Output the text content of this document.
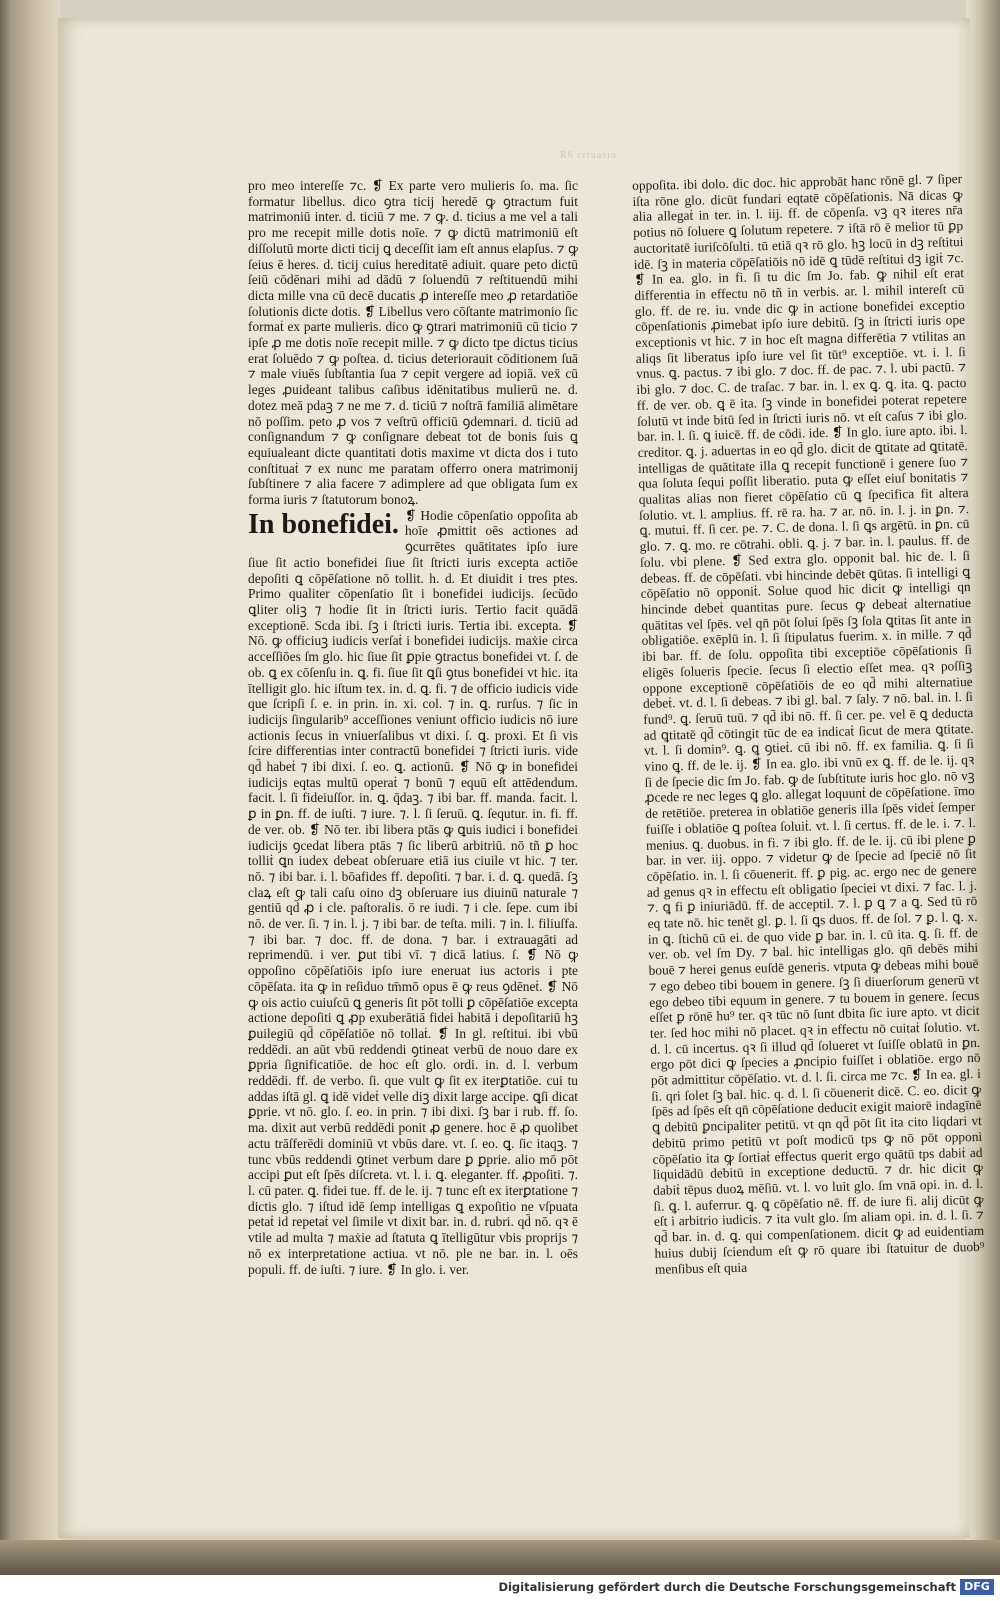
R6 crtuasio

pro meo intereſſe ⁊c. ❡ Ex parte vero mulieris ſo. ma. ſic formatur libellus. dico ꝯtra ticij heredē ꝙ ꝯtractum fuit matrimoniū inter. d. ticiū ⁊ me. ⁊ ꝙ. d. ticius a me vel a tali pro me recepit mille dotis noīe. ⁊ ꝙ dictū matrimoniū eſt diſſolutū morte dicti ticij ꝗ deceſſit iam eſt annus elapſus. ⁊ ꝙ ſeius ē heres. d. ticij cuius hereditatē adiuit. quare peto dictū ſeiū cōdēnari mihi ad dādū ⁊ ſoluendū ⁊ reſtituendū mihi dicta mille vna cū decē ducatis ꝓ intereſſe meo ꝓ retardatiōe ſolutionis dicte dotis. ❡ Libellus vero cōſtante matrimonio ſic formaṫ ex parte mulieris. dico ꝙ ꝯtrari matrimoniū cū ticio ⁊ ipſe ꝓ me dotis noīe recepit mille. ⁊ ꝙ dicto tpe dictus ticius erat ſoluēdo ⁊ ꝙ poſtea. d. ticius deteriorauit cōditionem ſuā ⁊ male viuēs ſubſtantia ſua ⁊ cepit vergere ad iopiā. vex̄ cū leges ꝓuideant talibus caſibus idēnitatibus mulierū ne. d. dotez meā pdaꝫ ⁊ ne me ⁊. d. ticiū ⁊ noſtrā familiā alimētare nō poſſim. peto ꝓ vos ⁊ veſtrū officiū ꝯdemnari. d. ticiū ad conſignandum ⁊ ꝙ conſignare debeat tot de bonis ſuis ꝗ equiualeant dicte quantitati dotis maxime vt dicta dos i tuto conſtituaṫ ⁊ ex nunc me paratam offerro onera matrimonij ſubſtinere ⁊ alia facere ⁊ adimplere ad que obligata ſum ex forma iuris ⁊ ſtatutorum bonoꝝ.

In bonefidei. ❡ Hodie cōpenſatio oppoſita ab hoīe ꝓmittit oēs actiones ad ꝯcurrētes quātitates ipſo iure ſiue ſit actio bonefidei ſiue ſit ſtricti iuris excepta actiōe depoſiti ꝗ cōpēſatione nō tollit. h. d. Et diuidit i tres ptes. Primo qualiter cōpenſatio ſit i bonefidei iudicijs. ſecūdo ꝗliter oliꝫ ⁊ hodie ſit in ſtricti iuris. Tertio facit quādā exceptionē. Scda ibi. ſꝫ i ſtricti iuris. Tertia ibi. excepta. ❡ Nō. ꝙ officiuꝫ iudicis verſaṫ i bonefidei iudicijs. maẋie circa acceſſiōes ſm glo. hic ſiue ſit ꝑpie ꝯtractus bonefidei vt. ſ. de ob. ꝗ ex cōſenſu in. ꝗ. fi. ſiue ſit ꝗſi ꝯtus bonefidei vt hic. ita ītelligit glo. hic iſtum tex. in. d. ꝗ. fi. ⁊ de officio iudicis vide que ſcripſi ſ. e. in prin. in. xi. col. ⁊ in. ꝗ. rurſus. ⁊ ſic in iudicijs ſingularib⁹ acceſſiones veniunt officio iudicis nō iure actionis ſecus in vniuerſalibus vt dixi. ſ. ꝗ. proxi. Et ſi vis ſcire differentias inter contractū bonefidei ⁊ ſtricti iuris. vide qd̄ habeṫ ⁊ ibi dixi. ſ. eo. ꝗ. actionū. ❡ Nō ꝙ in bonefidei iudicijs eqtas multū operaṫ ⁊ bonū ⁊ equū eſt attēdendum. facit. l. ſi fideiuſſor. in. ꝗ. q̄daꝫ. ⁊ ibi bar. ff. manda. facit. l. ꝑ in ꝑn. ff. de iuſti. ⁊ iure. ⁊. l. ſi ſeruū. ꝗ. ſequtur. in. fi. ff. de ver. ob. ❡ Nō ter. ibi libera ptās ꝙ ꝗuis iudici i bonefidei iudicijs ꝯcedat libera ptās ⁊ ſic liberū arbitriū. nō tñ ꝑ hoc tolliṫ ꝗn iudex debeat obſeruare etiā ius ciuile vt hic. ⁊ ter. nō. ⁊ ibi bar. i. l. bōafides ff. depoſiti. ⁊ bar. i. d. ꝗ. quedā. ſꝫ claꝝ eſt ꝙ tali caſu oino dꝫ obſeruare ius diuinū naturale ⁊ gentiū qd̄ ꝓ i cle. paſtoralis. ō re iudi. ⁊ i cle. ſepe. cum ibi nō. de ver. ſi. ⁊ in. l. j. ⁊ ibi bar. de teſta. mili. ⁊ in. l. filiuſfa. ⁊ ibi bar. ⁊ doc. ff. de dona. ⁊ bar. i extrauagāti ad reprimendū. i ver. ꝑut tibi vī. ⁊ dicā latius. ſ. ❡ Nō ꝙ oppoſino cōpēſatiōis ipſo iure eneruat ius actoris i pte cōpēſata. ita ꝙ in reſiduo tm̄mō opus ē ꝙ reus ꝯdēneṫ. ❡ Nō ꝙ ois actio cuiuſcū ꝗ generis ſit pōt tolli ꝑ cōpēſatiōe excepta actione depoſiti ꝗ ꝓp exuberātiā fidei habitā i depoſitariū hꝫ ꝑuilegiū qd̄ cōpēſatiōe nō tollaṫ. ❡ In gl. reſtitui. ibi vbū reddēdi. an aūt vbū reddendi ꝯtineat verbū de nouo dare ex ꝑpria ſignificatiōe. de hoc eſt glo. ordi. in. d. l. verbum reddēdi. ff. de verbo. ſi. que vult ꝙ ſit ex iterꝑtatiōe. cui tu addas iſtā gl. ꝗ idē videṫ velle diꝫ dixit large accipe. ꝗſi dicat ꝑprie. vt nō. glo. ſ. eo. in prin. ⁊ ibi dixi. ſꝫ bar i rub. ff. ſo. ma. dixit aut verbū reddēdi ponit ꝓ genere. hoc ē ꝓ quolibet actu trāſferēdi dominiū vt vbūs dare. vt. ſ. eo. ꝗ. ſic itaqꝫ. ⁊ tunc vbūs reddendi ꝯtinet verbum dare ꝑ ꝑprie. alio mō pōt accipi ꝑut eſt ſpēs diſcreta. vt. l. i. ꝗ. eleganter. ff. ꝓpoſiti. ⁊. l. cū pater. ꝗ. fidei tue. ff. de le. ij. ⁊ tunc eſt ex iterꝑtatione ⁊ dictis glo. ⁊ iſtud idē ſemp intelligas ꝗ expoſitio ne vſpuata petaṫ id repetaṫ vel ſimile vt dixit bar. in. d. rubri. qd̄ nō. qꝛ ē vtile ad multa ⁊ maẋie ad ſtatuta ꝗ ītelligūtur vbis proprijs ⁊ nō ex interpretatione actiua. vt nō. ple ne bar. in. l. oēs populi. ff. de iuſti. ⁊ iure. ❡ In glo. i. ver.

oppoſita. ibi dolo. dic doc. hic approbāt hanc rōnē gl. ⁊ ſiper iſta rōne glo. dicūt fundari eqtatē cōpēſationis. Nā dicas ꝙ alia allegaṫ in ter. in. l. iij. ff. de cōpenſa. vꝫ qꝛ iteres nr̄a potius nō ſoluere ꝗ ſolutum repetere. ⁊ iſtā rō ē melior tū ꝑp auctoritatē iuriſcōſulti. tū etiā qꝛ rō glo. hꝫ locū in dꝫ reſtitui idē. ſꝫ in materia cōpēſatiōis nō idē ꝗ tūdē reſtitui dꝫ igiṫ ⁊c. ❡ In ea. glo. in fi. ſi tu dic ſm Jo. fab. ꝙ nihil eſt erat differentia in effectu nō tñ in verbis. ar. l. mihil intereſt cū glo. ff. de re. iu. vnde dic ꝙ in actione bonefidei exceptio cōpenſationis ꝓimebat ipſo iure debitū. ſꝫ in ſtricti iuris ope exceptionis vt hic. ⁊ in hoc eſt magna differētia ⁊ vtilitas an aliqs ſit liberatus ipſo iure vel ſit tūt⁹ exceptiōe. vt. i. l. ſi vnus. ꝗ. pactus. ⁊ ibi glo. ⁊ doc. ff. de pac. ⁊. l. ubi pactū. ⁊ ibi glo. ⁊ doc. C. de traſac. ⁊ bar. in. l. ex ꝗ. ꝗ. ita. ꝗ. pacto ff. de ver. ob. ꝗ ē ita. ſꝫ vinde in bonefidei poterat repetere ſolutū vt inde bitū ſed in ſtricti iuris nō. vt eſt caſus ⁊ ibi glo. bar. in. l. ſi. ꝗ iuicē. ff. de cōdi. ide. ❡ In glo. iure apto. ibi. l. creditor. ꝗ. j. aduertas in eo qd̄ glo. dicit de ꝗtitate ad ꝗtitatē. intelligas de quātitate illa ꝗ recepit functionē i genere ſuo ⁊ qua ſoluta ſequi poſſit liberatio. puta ꝙ eſſet eiuſ bonitatis ⁊ qualitas alias non fieret cōpēſatio cū ꝗ ſpecifica fit altera ſolutio. vt. l. amplius. ff. rē ra. ha. ⁊ ar. nō. in. l. j. in ꝑn. ⁊. ꝗ. mutui. ff. ſi cer. pe. ⁊. C. de dona. l. ſi ꝗs argētū. in ꝑn. cū glo. ⁊. ꝗ. mo. re cōtrahi. obli. ꝗ. j. ⁊ bar. in. l. paulus. ff. de ſolu. vbi plene. ❡ Sed extra glo. opponit bal. hic de. l. ſi debeas. ff. de cōpēſati. vbi hincinde debēt ꝗūtas. ſi intelligi ꝗ cōpēſatio nō opponiṫ. Solue quod hic dicit ꝙ intelligi qn hincinde debeṫ quantitas pure. ſecus ꝙ debeaṫ alternatiue quātitas vel ſpēs. vel qn̄ pōt ſolui ſpēs ſꝫ ſola ꝗtitas ſit ante in obligatiōe. exēplū in. l. ſi ſtipulatus fuerim. x. in mille. ⁊ qd̄ ibi bar. ff. de ſolu. oppoſita tibi exceptiōe cōpēſationis ſi eligēs ſolueris ſpecie. ſecus ſi electio eſſet mea. qꝛ poſſiꝫ oppone exceptionē cōpēſatiōis de eo qd̄ mihi alternatiue debeṫ. vt. d. l. ſi debeas. ⁊ ibi gl. bal. ⁊ ſaly. ⁊ nō. bal. in. l. ſi fund⁹. ꝗ. ſeruū tuū. ⁊ qd̄ ibi nō. ff. ſi cer. pe. vel ē ꝗ deducta ad ꝗtitatē qd̄ cōtingit tūc de ea indicaṫ ſicut de mera ꝗtitate. vt. l. ſi domin⁹. ꝗ. ꝗ ꝯtieṫ. cū ibi nō. ff. ex familia. ꝗ. ſi ſi vino ꝗ. ff. de le. ij. ❡ In ea. glo. ibi vnū ex ꝗ. ff. de le. ij. qꝛ ſi de ſpecie dic ſm Jo. fab. ꝙ de ſubſtitute iuris hoc glo. nō vꝫ ꝓcede re nec leges ꝗ glo. allegat loquunṫ de cōpēſatione. īmo de retētiōe. preterea in oblatiōe generis illa ſpēs videṫ ſemper fuiſſe i oblatiōe ꝗ poſtea ſoluiṫ. vt. l. ſi certus. ff. de le. i. ⁊. l. menius. ꝗ. duobus. in fi. ⁊ ibi glo. ff. de le. ij. cū ibi plene ꝑ bar. in ver. iij. oppo. ⁊ videtur ꝙ de ſpecie ad ſpeciē nō ſit cōpēſatio. in. l. ſi cōuenerit. ff. ꝑ pig. ac. ergo nec de genere ad genus qꝛ in effectu eſt obligatio ſpeciei vt dixi. ⁊ fac. l. j. ⁊. ꝗ fi ꝑ iniuriādū. ff. de acceptil. ⁊. l. ꝑ ꝗ ⁊ a ꝗ. Sed tū rō eq tate nō. hic tenēt gl. ꝑ. l. ſi ꝗs duos. ff. de ſol. ⁊ ꝑ. l. ꝗ. x. in ꝗ. ſtichū cū ei. de quo vide ꝑ bar. in. l. cū ita. ꝗ. ſi. ff. de ver. ob. vel ſm Dy. ⁊ bal. hic intelligas glo. qn̄ debēs mihi bouē ⁊ herei genus euſdē generis. vtputa ꝙ debeas mihi bouē ⁊ ego debeo tibi bouem in genere. ſꝫ ſi diuerſorum generū vt ego debeo tibi equum in genere. ⁊ tu bouem in genere. ſecus eſſet ꝑ rōnē hu⁹ ter. qꝛ tūc nō ſunt dbita ſic iure apto. vt dicit ter. ſed hoc mihi nō placet. qꝛ in effectu nō cuitaṫ ſolutio. vt. d. l. cū incertus. qꝛ ſi illud qd̄ ſolueret vt ſuiſſe oblatū in ꝑn. ergo pōt dici ꝙ ſpecies a ꝓncipio fuiſſet i oblatiōe. ergo nō pōt admittitur cōpēſatio. vt. d. l. ſi. circa me ⁊c. ❡ In ea. gl. i ſi. qri ſolet ſꝫ bal. hic. q. d. l. ſi cōuenerit dicē. C. eo. dicit ꝙ ſpēs ad ſpēs eſt qn̄ cōpēſatione deducit exigit maiorē indagīnē ꝗ debitū ꝑncipaliter petitū. vt qn qd̄ pōt ſit ita cito liqdari vt debitū primo petitū vt poſt modicū tps ꝙ nō pōt opponi cōpēſatio ita ꝙ ſortiaṫ effectus querit ergo quātū tps dabiṫ ad liquidādū debitū in exceptione deductū. ⁊ dr. hic dicit ꝙ dabiṫ tēpus duoꝝ mēſiū. vt. l. vo luit glo. ſm vnā opi. in. d. l. ſi. ꝗ. l. auferrur. ꝗ. ꝗ cōpēſatio nē. ff. de iure fi. alij dicūt ꝙ eſt i arbitrio iudicis. ⁊ ita vult glo. ſm aliam opi. in. d. l. ſi. ⁊ qd̄ bar. in. d. ꝗ. qui compenſationem. dicit ꝙ ad euidentiam huius dubij ſciendum eſt ꝙ rō quare ibi ſtatuitur de duob⁹ menſibus eſt quia

Digitalisierung gefördert durch die Deutsche Forschungsgemeinschaft DFG
